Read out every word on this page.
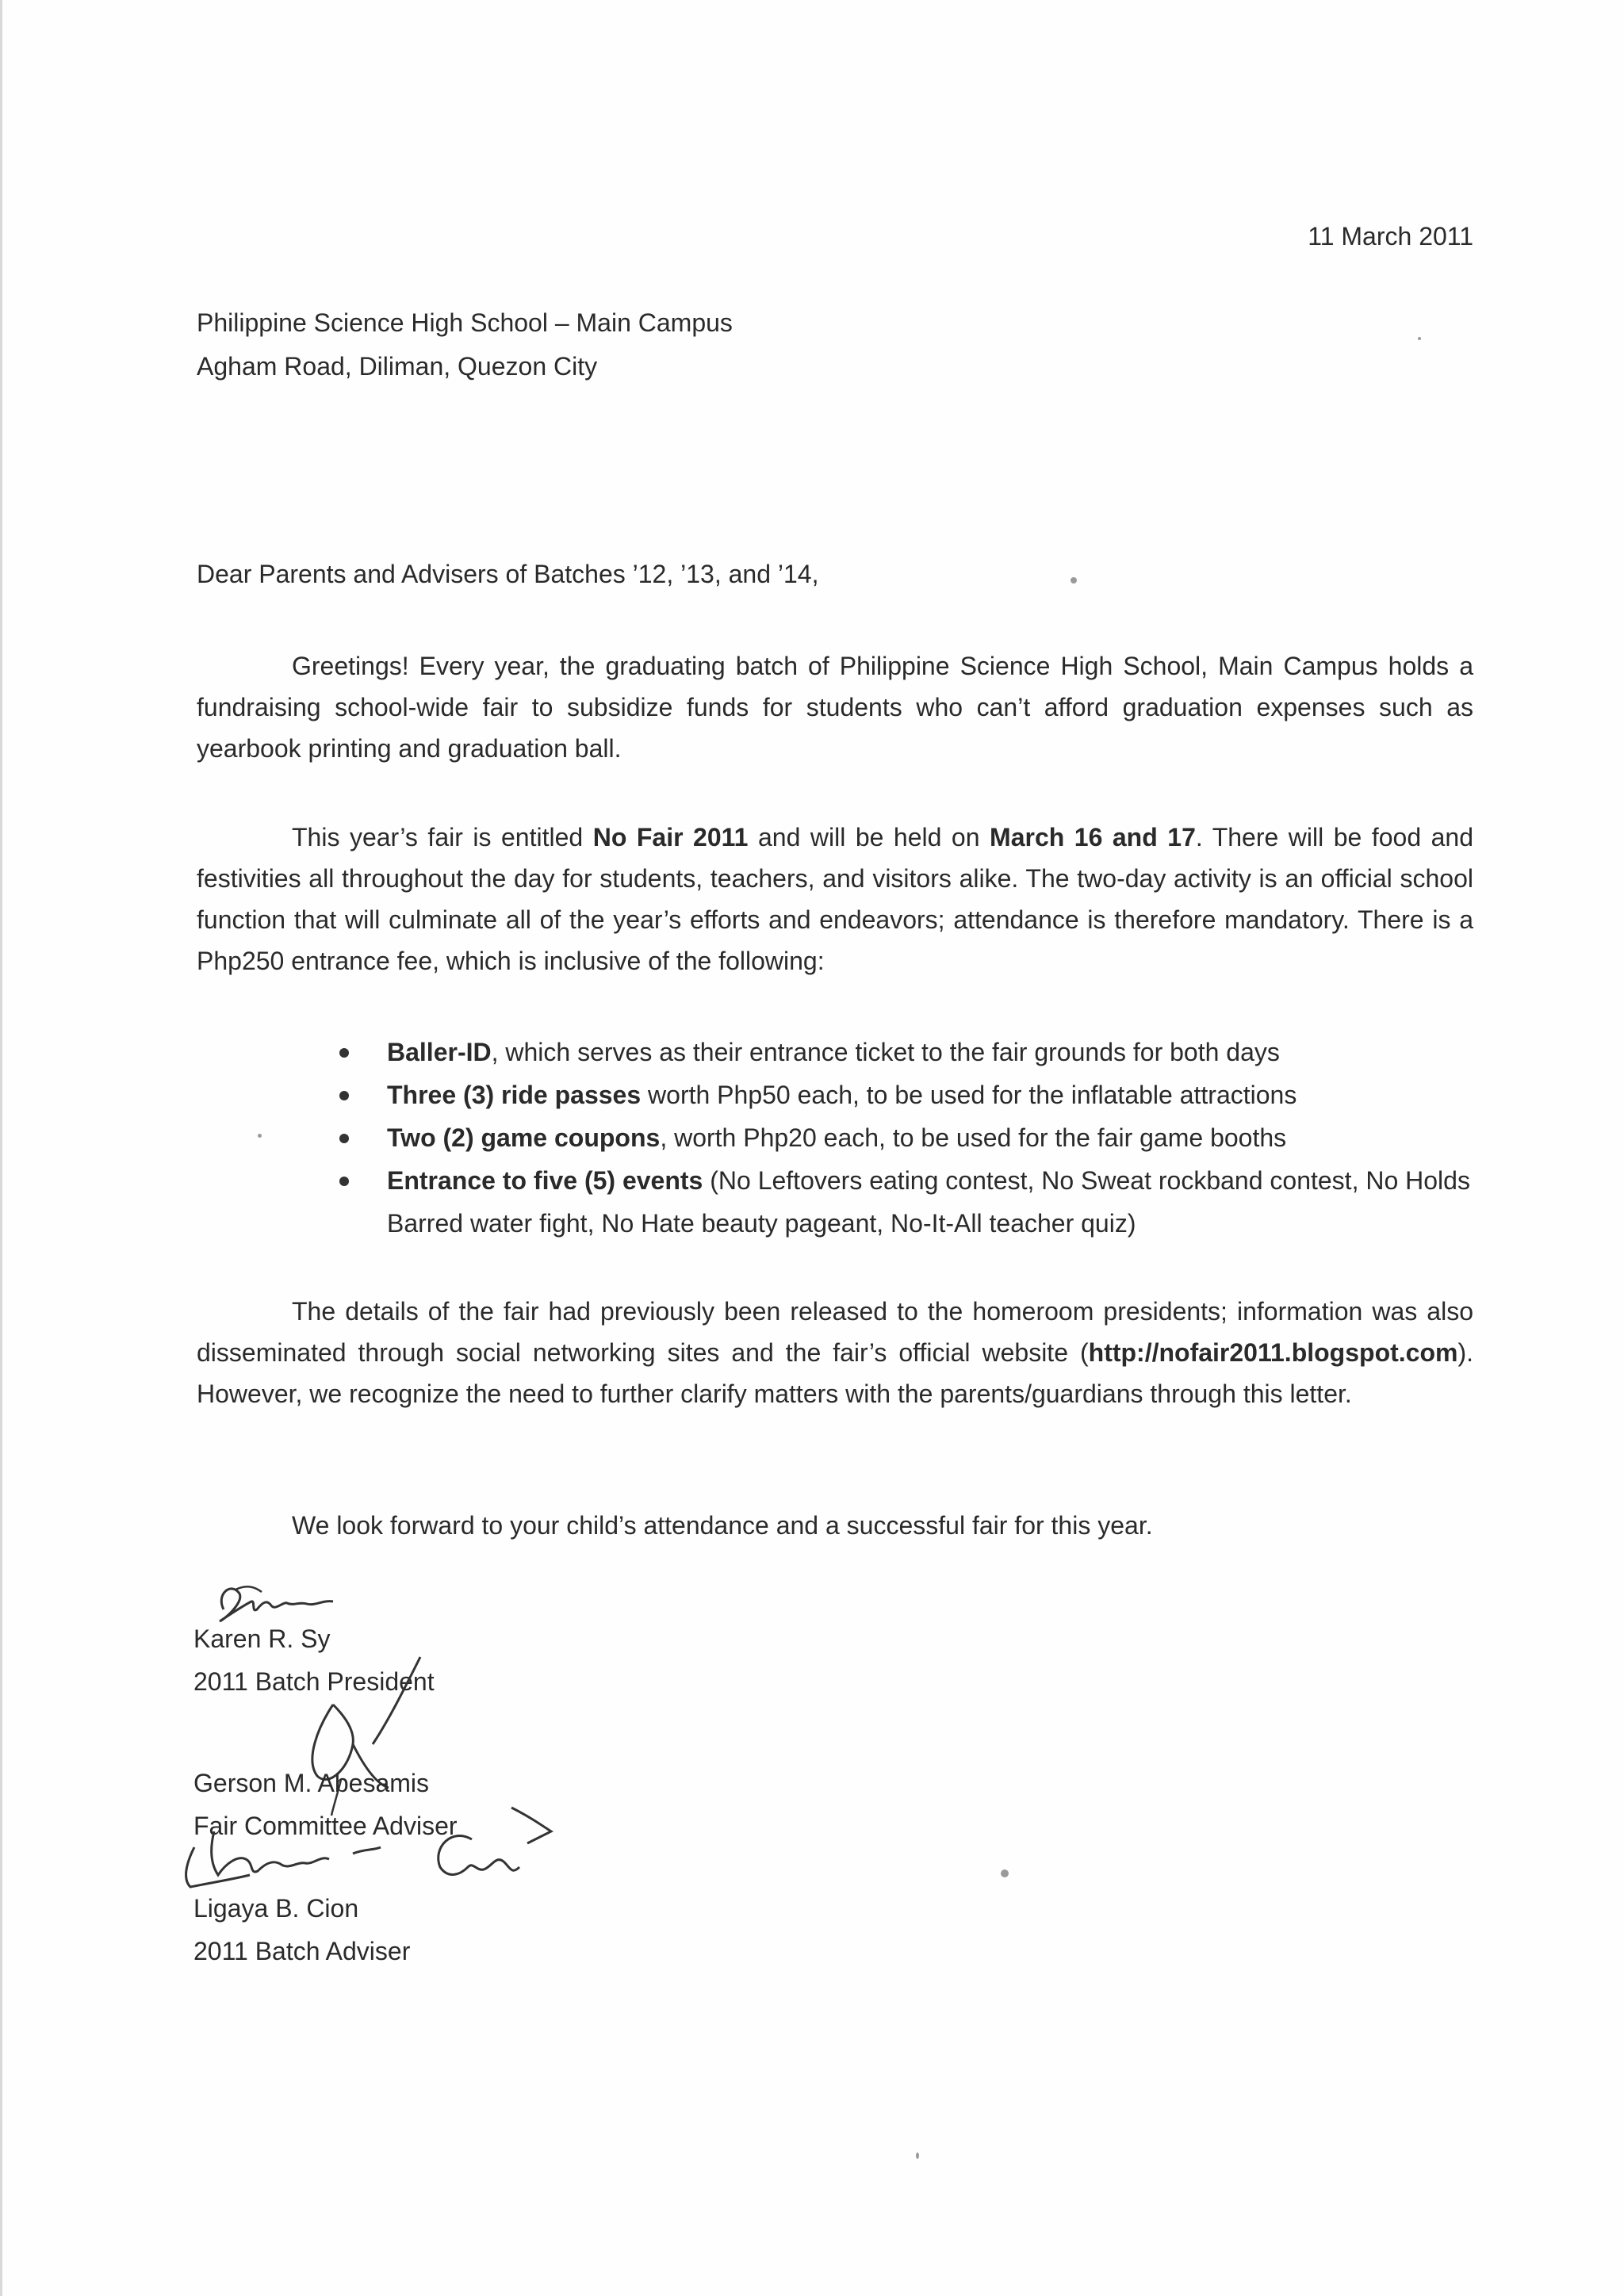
11 March 2011
Philippine Science High School – Main Campus
Agham Road, Diliman, Quezon City
Dear Parents and Advisers of Batches ’12, ’13, and ’14,

Greetings! Every year, the graduating batch of Philippine Science High School, Main Campus holds a fundraising school-wide fair to subsidize funds for students who can’t afford graduation expenses such as yearbook printing and graduation ball.

This year’s fair is entitled No Fair 2011 and will be held on March 16 and 17. There will be food and festivities all throughout the day for students, teachers, and visitors alike. The two-day activity is an official school function that will culminate all of the year’s efforts and endeavors; attendance is therefore mandatory. There is a Php250 entrance fee, which is inclusive of the following:

Baller-ID, which serves as their entrance ticket to the fair grounds for both days
Three (3) ride passes worth Php50 each, to be used for the inflatable attractions
Two (2) game coupons, worth Php20 each, to be used for the fair game booths
Entrance to five (5) events (No Leftovers eating contest, No Sweat rockband contest, No Holds Barred water fight, No Hate beauty pageant, No-It-All teacher quiz)

The details of the fair had previously been released to the homeroom presidents; information was also disseminated through social networking sites and the fair’s official website (http://nofair2011.blogspot.com). However, we recognize the need to further clarify matters with the parents/guardians through this letter.

We look forward to your child’s attendance and a successful fair for this year.

Karen R. Sy
2011 Batch President
Gerson M. Abesamis
Fair Committee Adviser
Ligaya B. Cion
2011 Batch Adviser
